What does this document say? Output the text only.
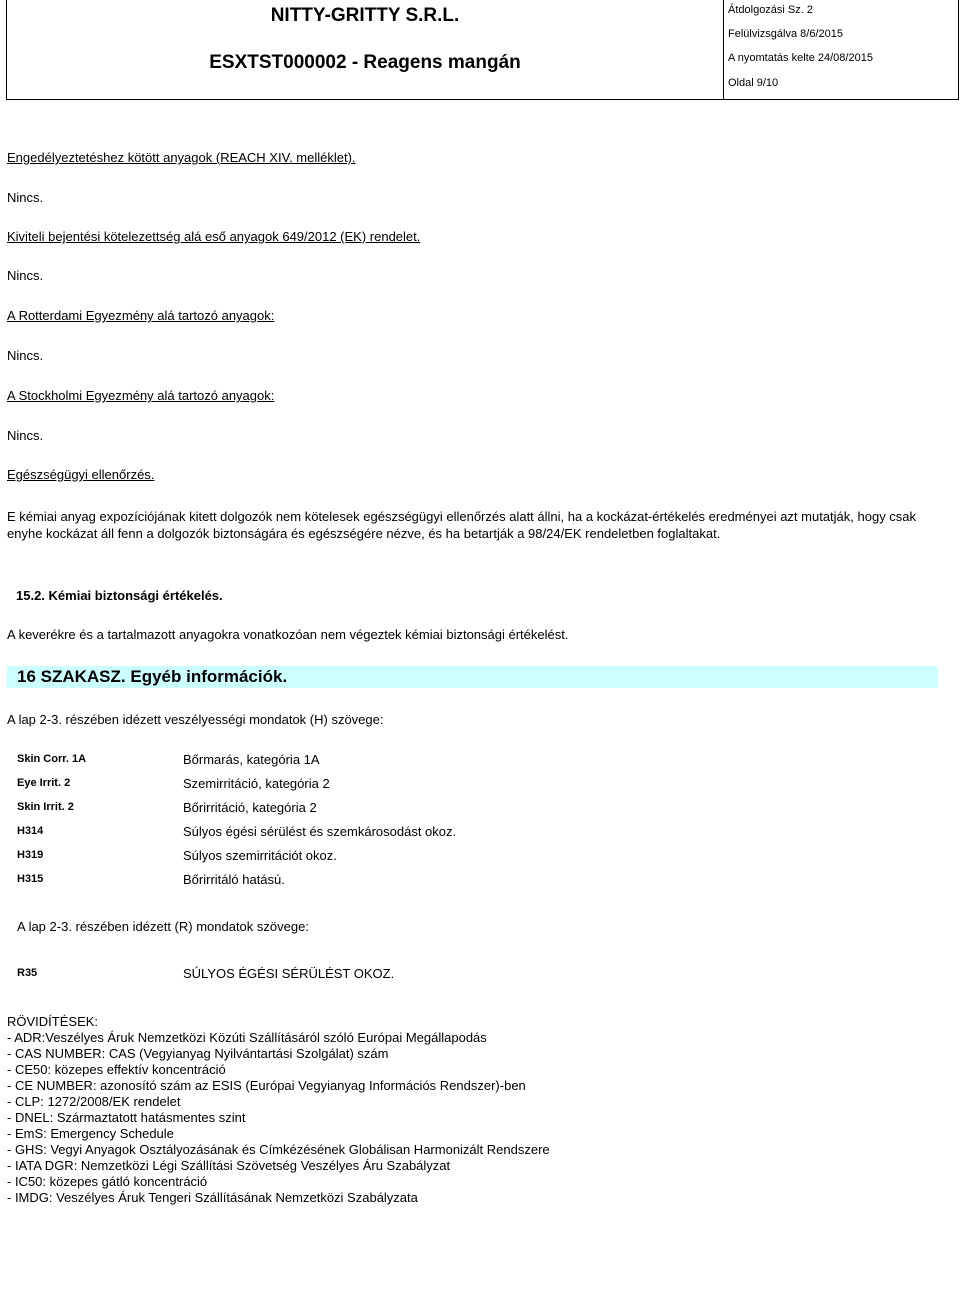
NITTY-GRITTY S.R.L.
ESXTST000002 - Reagens mangán
Átdolgozási Sz. 2
Felülvizsgálva 8/6/2015
A nyomtatás kelte 24/08/2015
Oldal 9/10
Engedélyeztetéshez kötött anyagok (REACH XIV. melléklet).
Nincs.
Kiviteli bejentési kötelezettség alá eső anyagok 649/2012 (EK) rendelet.
Nincs.
A Rotterdami Egyezmény alá tartozó anyagok:
Nincs.
A Stockholmi Egyezmény alá tartozó anyagok:
Nincs.
Egészségügyi ellenőrzés.
E kémiai anyag expozíciójának kitett dolgozók nem kötelesek egészségügyi ellenőrzés alatt állni, ha a kockázat-értékelés eredményei azt mutatják, hogy csak enyhe kockázat áll fenn a dolgozók biztonságára és egészségére nézve, és ha betartják a 98/24/EK rendeletben foglaltakat.
15.2. Kémiai biztonsági értékelés.
A keverékre és a tartalmazott anyagokra vonatkozóan nem végeztek kémiai biztonsági értékelést.
16 SZAKASZ. Egyéb információk.
A lap 2-3. részében idézett veszélyességi mondatok (H) szövege:
Skin Corr. 1A	Bőrmarás, kategória 1A
Eye Irrit. 2	Szemirritáció, kategória 2
Skin Irrit. 2	Bőrirritáció, kategória 2
H314	Súlyos égési sérülést és szemkárosodást okoz.
H319	Súlyos szemirritációt okoz.
H315	Bőrirritáló hatású.
A lap 2-3. részében idézett (R) mondatok szövege:
R35	SÚLYOS ÉGÉSI SÉRÜLÉST OKOZ.
RÖVIDÍTÉSEK:
- ADR:Veszélyes Áruk Nemzetközi Közúti Szállításáról szóló Európai Megállapodás
- CAS NUMBER: CAS (Vegyianyag Nyilvántartási Szolgálat) szám
- CE50: közepes effektív koncentráció
- CE NUMBER: azonosító szám az ESIS (Európai Vegyianyag Információs Rendszer)-ben
- CLP: 1272/2008/EK rendelet
- DNEL: Származtatott hatásmentes szint
- EmS: Emergency Schedule
- GHS: Vegyi Anyagok Osztályozásának és Címkézésének Globálisan Harmonizált Rendszere
- IATA DGR: Nemzetközi Légi Szállítási Szövetség Veszélyes Áru Szabályzat
- IC50: közepes gátló koncentráció
- IMDG: Veszélyes Áruk Tengeri Szállításának Nemzetközi Szabályzata
